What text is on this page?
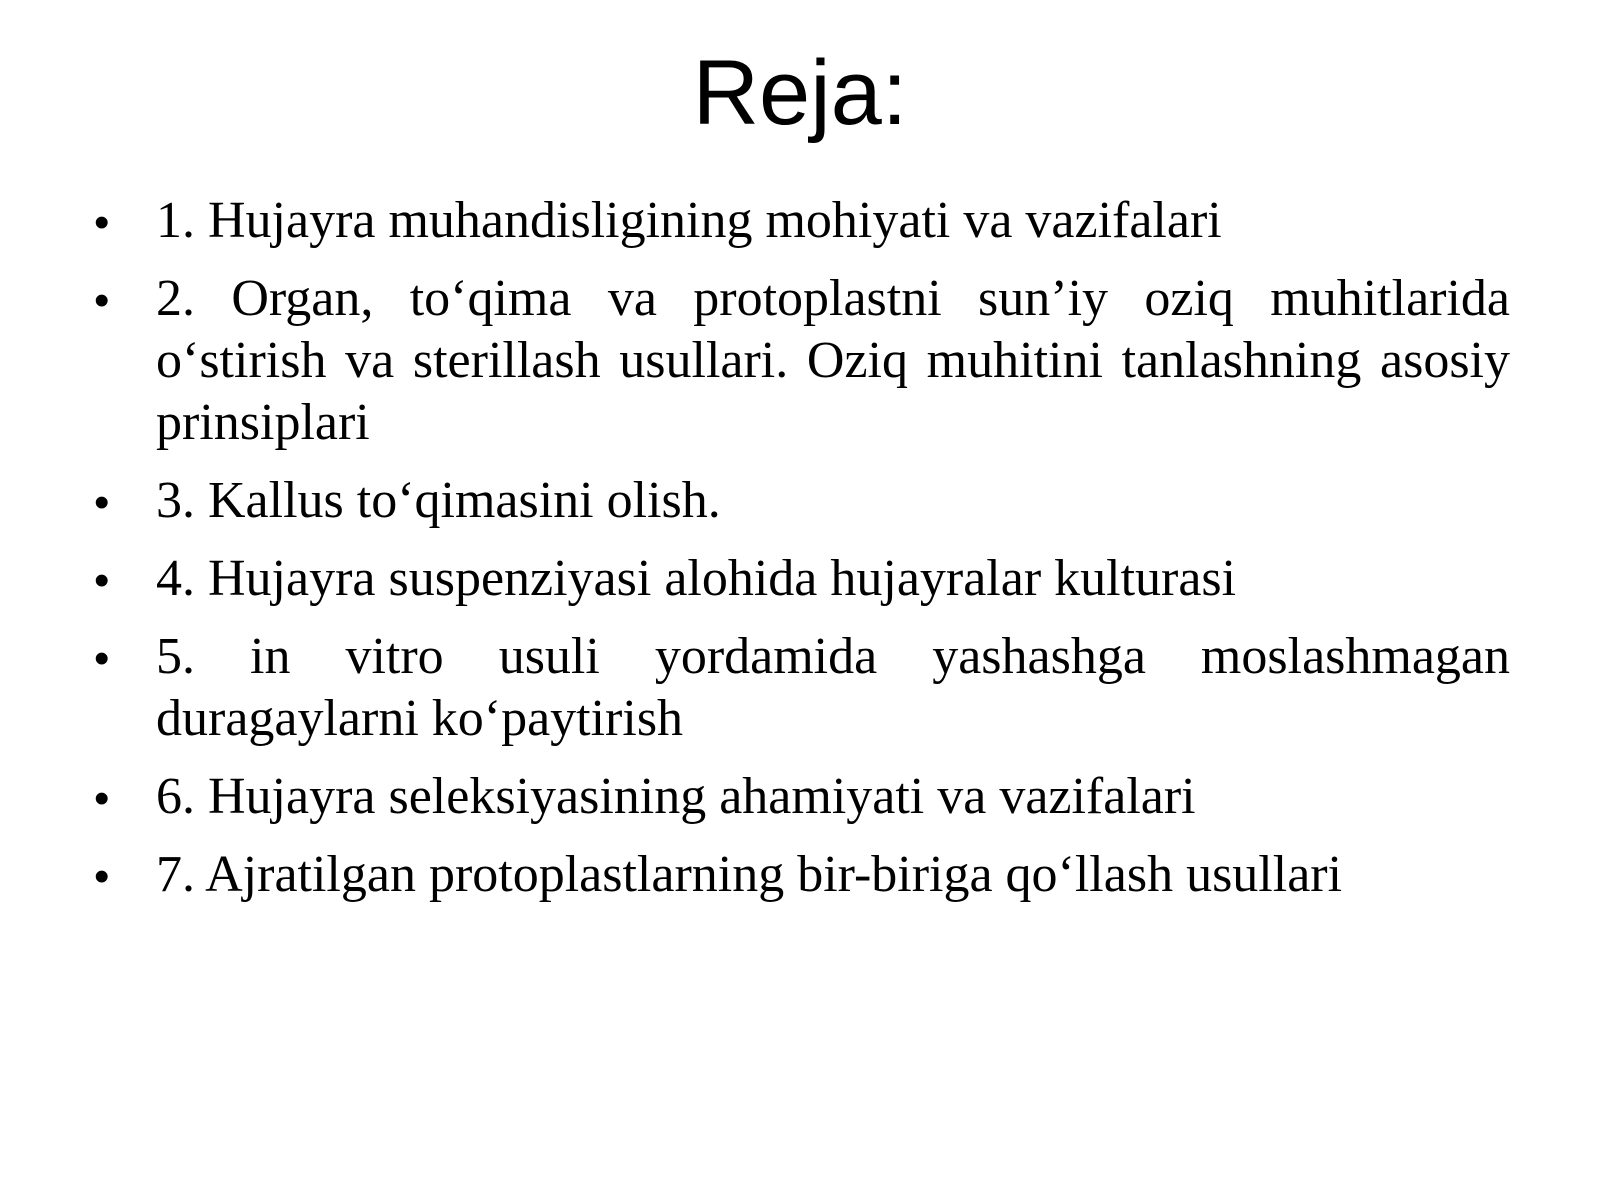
Reja:
• 1. Hujayra muhandisligining mohiyati va vazifalari
• 2. Organ, to‘qima va protoplastni sun’iy oziq muhitlarida o‘stirish va sterillash usullari. Oziq muhitini tanlashning asosiy prinsiplari
• 3. Kallus to‘qimasini olish.
• 4. Hujayra suspenziyasi alohida hujayralar kulturasi
• 5. in vitro usuli yordamida yashashga moslashmagan duragaylarni ko‘paytirish
• 6. Hujayra seleksiyasining ahamiyati va vazifalari
• 7. Ajratilgan protoplastlarning bir-biriga qo‘llash usullari
